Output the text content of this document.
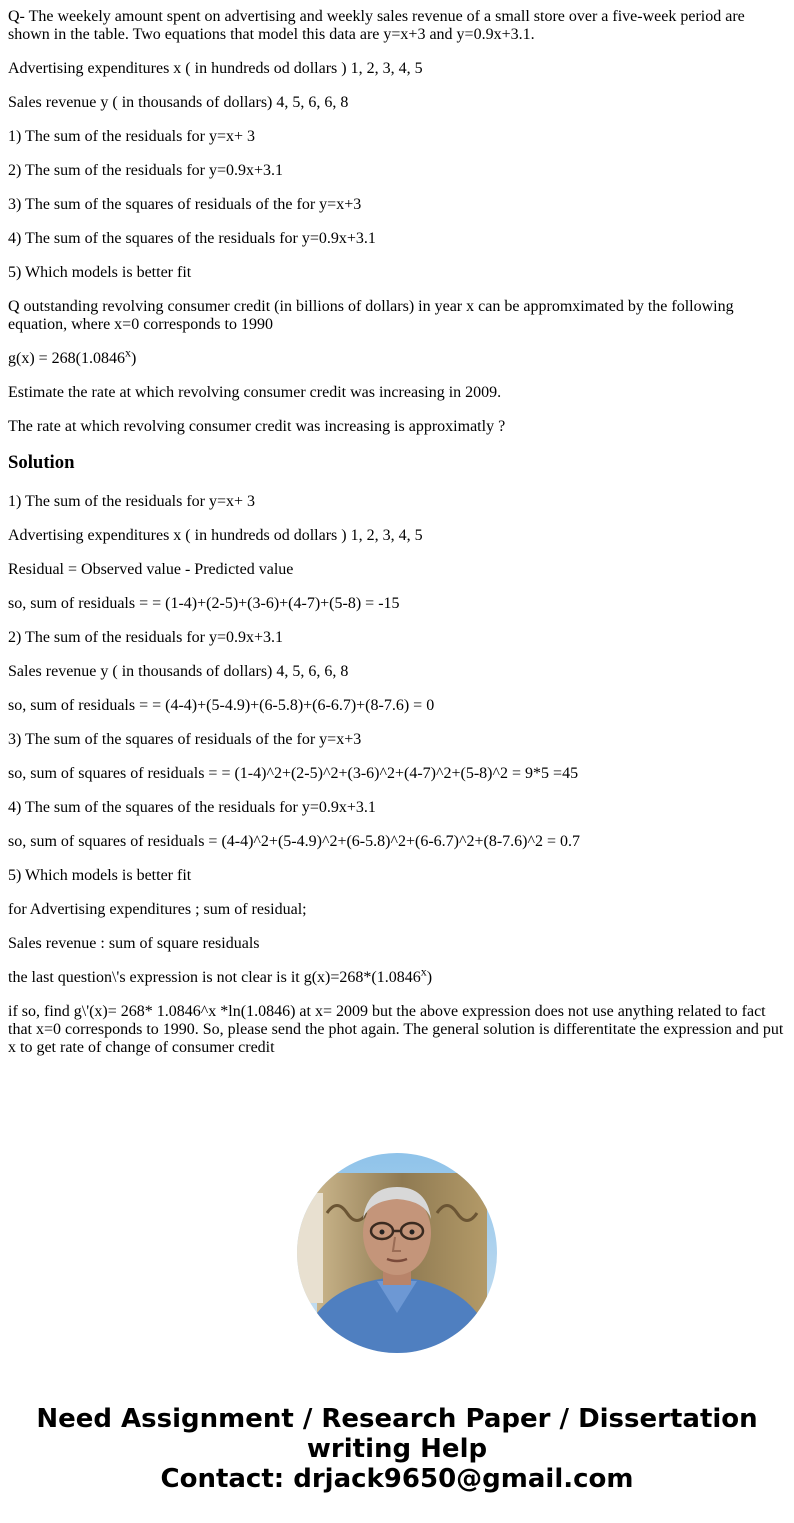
Q- The weekely amount spent on advertising and weekly sales revenue of a small store over a five-week period are shown in the table. Two equations that model this data are y=x+3 and y=0.9x+3.1.

Advertising expenditures x ( in hundreds od dollars ) 1, 2, 3, 4, 5

Sales revenue y ( in thousands of dollars) 4, 5, 6, 6, 8

1) The sum of the residuals for y=x+ 3

2) The sum of the residuals for y=0.9x+3.1

3) The sum of the squares of residuals of the for y=x+3

4) The sum of the squares of the residuals for y=0.9x+3.1

5) Which models is better fit

Q outstanding revolving consumer credit (in billions of dollars) in year x can be appromximated by the following equation, where x=0 corresponds to 1990

$g(x) = 268(1.0846^x)$

Estimate the rate at which revolving consumer credit was increasing in 2009.

The rate at which revolving consumer credit was increasing is approximatly ?

Solution

1) The sum of the residuals for y=x+ 3

Advertising expenditures x ( in hundreds od dollars ) 1, 2, 3, 4, 5

Residual = Observed value - Predicted value

so, sum of residuals = = (1-4)+(2-5)+(3-6)+(4-7)+(5-8) = -15

2) The sum of the residuals for y=0.9x+3.1

Sales revenue y ( in thousands of dollars) 4, 5, 6, 6, 8

so, sum of residuals = = (4-4)+(5-4.9)+(6-5.8)+(6-6.7)+(8-7.6) = 0

3) The sum of the squares of residuals of the for y=x+3

so, sum of squares of residuals = = (1-4)^2+(2-5)^2+(3-6)^2+(4-7)^2+(5-8)^2 = 9*5 =45

4) The sum of the squares of the residuals for y=0.9x+3.1

so, sum of squares of residuals = (4-4)^2+(5-4.9)^2+(6-5.8)^2+(6-6.7)^2+(8-7.6)^2 = 0.7

5) Which models is better fit

for Advertising expenditures ; sum of residual;

Sales revenue : sum of square residuals

the last question\'s expression is not clear is it $g(x)=268*(1.0846^x)$

if so, find g\'(x)= 268* 1.0846^x *ln(1.0846) at x= 2009 but the above expression does not use anything related to fact that x=0 corresponds to 1990. So, please send the phot again. The general solution is differentitate the expression and put x to get rate of change of consumer credit

Need Assignment / Research Paper / Dissertation
writing Help
Contact: drjack9650@gmail.com
